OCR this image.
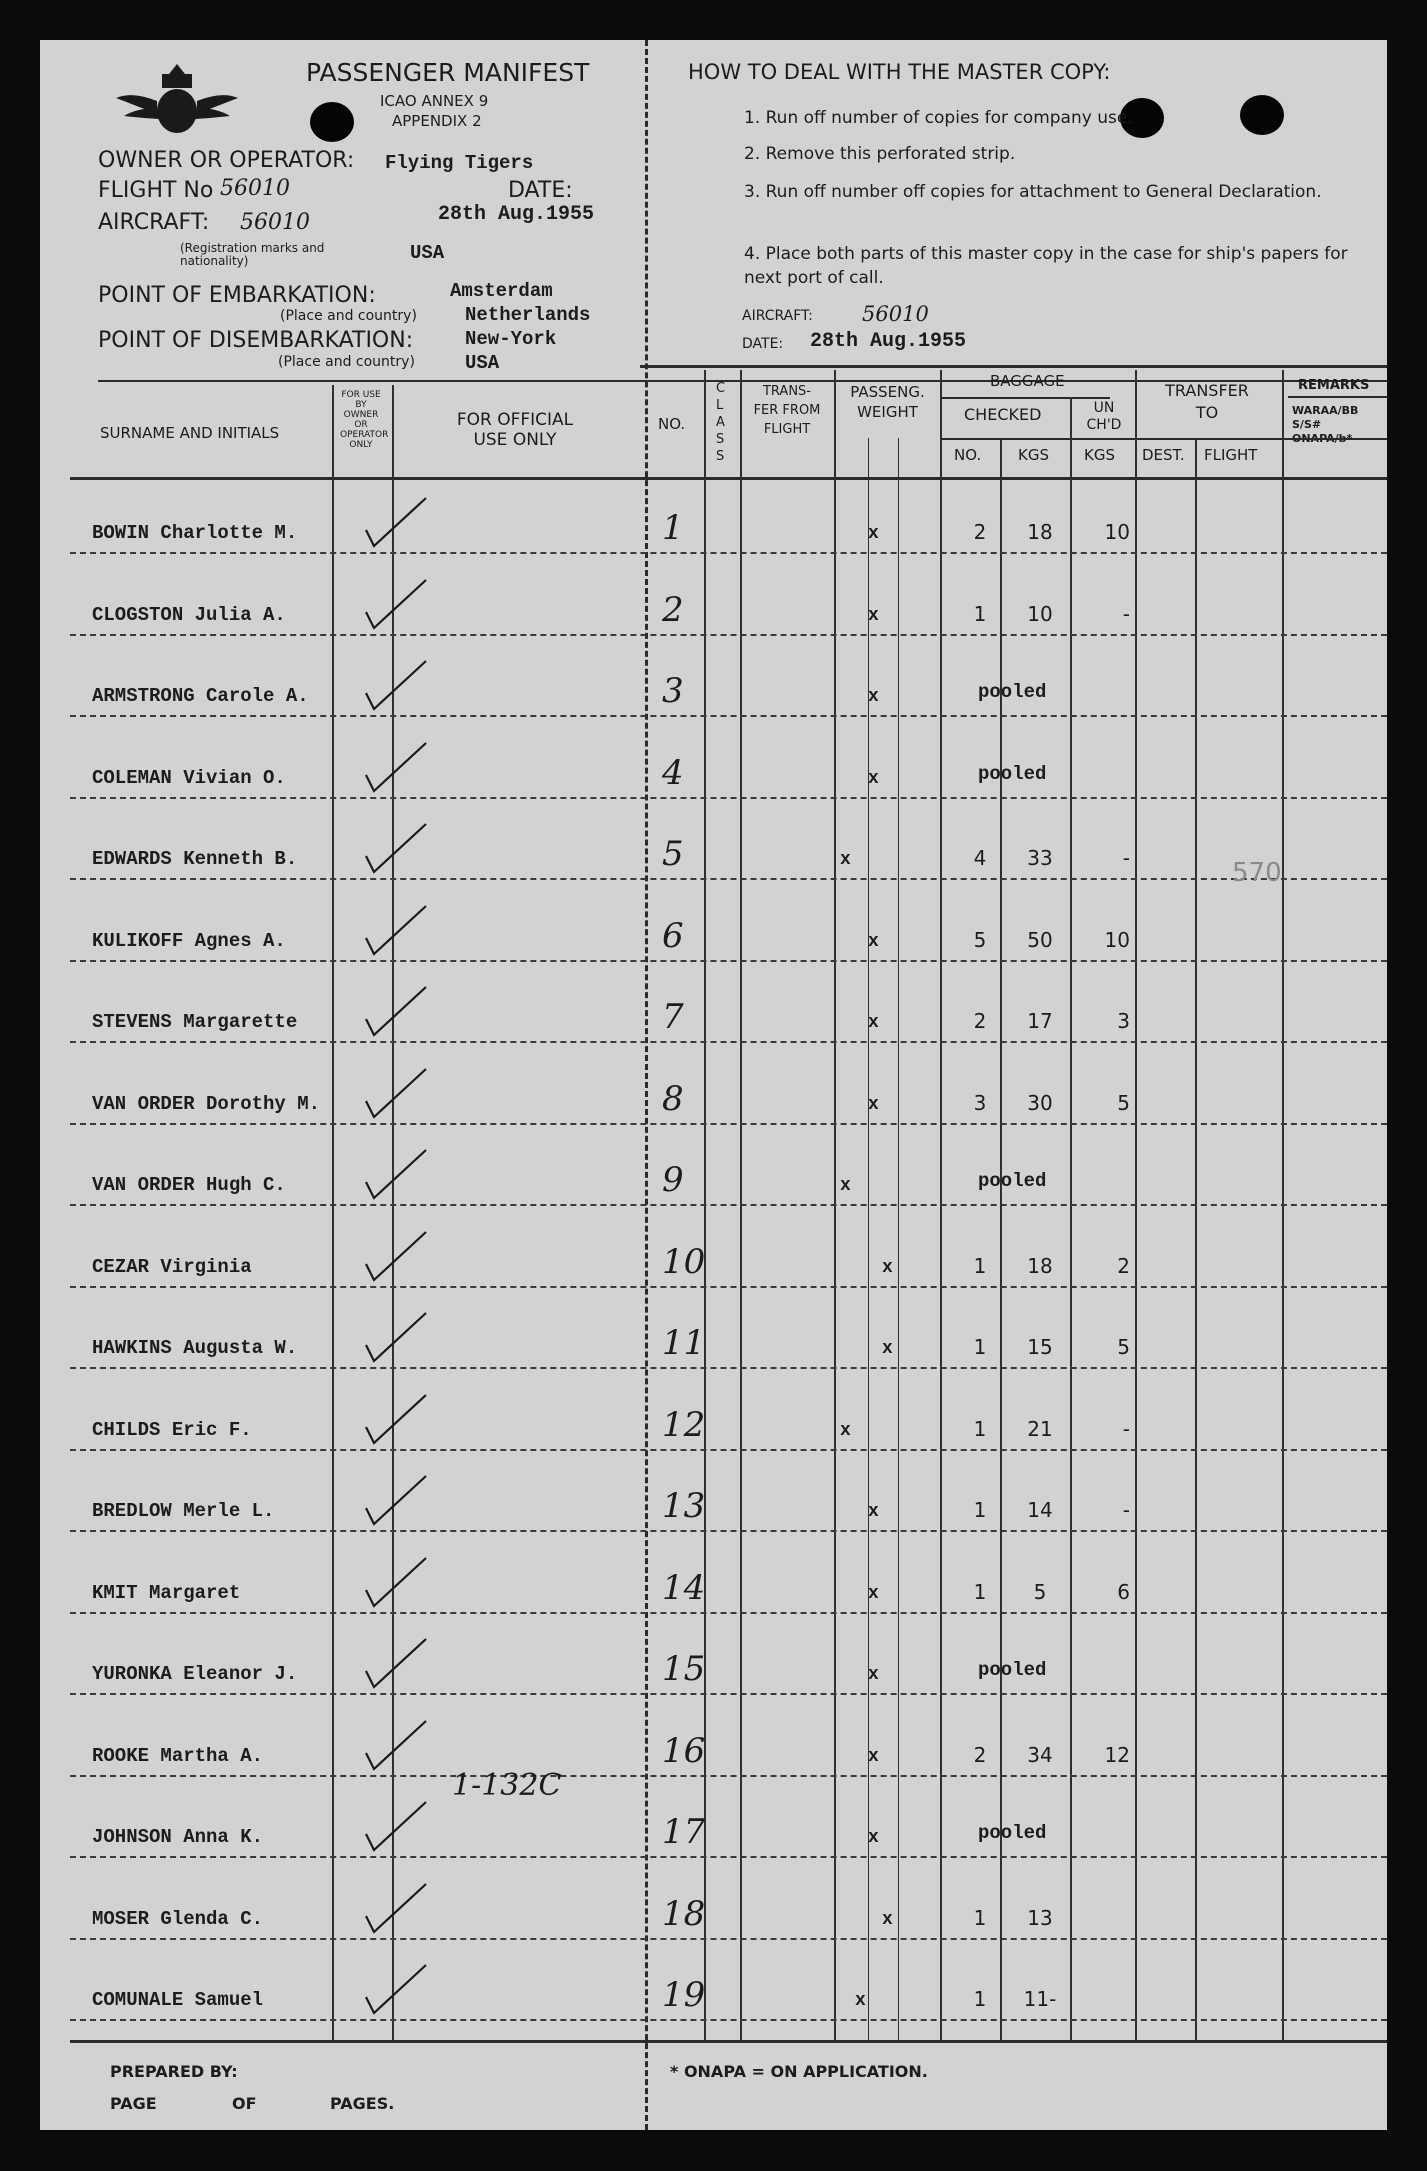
PASSENGER MANIFEST
ICAO ANNEX 9
APPENDIX 2
OWNER OR OPERATOR: Flying Tigers
FLIGHT No 56010	DATE:
28th Aug.1955
AIRCRAFT: 56010
(Registration marks and nationality)	USA
POINT OF EMBARKATION:	Amsterdam
(Place and country)	Netherlands
POINT OF DISEMBARKATION:	New-York
(Place and country)	USA
HOW TO DEAL WITH THE MASTER COPY:
1. Run off number of copies for company use.
2. Remove this perforated strip.
3. Run off number off copies for attachment to General Declaration.
4. Place both parts of this master copy in the case for ship's papers for next port of call.
AIRCRAFT: 56010
DATE: 28th Aug.1955
SURNAME AND INITIALS
FOR USE BY OWNER OR OPERATOR ONLY
FOR OFFICIAL USE ONLY
NO.
CLASS
TRANS-FER FROM FLIGHT
PASSENG. WEIGHT
BAGGAGE
CHECKED	UN CH'D
NO. KGS KGS
TRANSFER TO
DEST. FLIGHT
REMARKS
WARAA/BB S/S# ONAPA/b*
BOWIN Charlotte M.	1	x	2	18	10
CLOGSTON Julia A.	2	x	1	10	-
ARMSTRONG Carole A.	3	x	pooled
COLEMAN Vivian O.	4	x	pooled
EDWARDS Kenneth B.	5	x	4	33	-
KULIKOFF Agnes A.	6	x	5	50	10
STEVENS Margarette	7	x	2	17	3
VAN ORDER Dorothy M.	8	x	3	30	5
VAN ORDER Hugh C.	9	x	pooled
CEZAR Virginia	10	x	1	18	2
HAWKINS Augusta W.	11	x	1	15	5
CHILDS Eric F.	12	x	1	21	-
BREDLOW Merle L.	13	x	1	14	-
KMIT Margaret	14	x	1	5	6
YURONKA Eleanor J.	15	x	pooled
ROOKE Martha A.	16	x	2	34	12
JOHNSON Anna K.	17	x	pooled
MOSER Glenda C.	18	x	1	13
COMUNALE Samuel	19	x	1	11-
1-132C
570
PREPARED BY:
PAGE	OF	PAGES.
* ONAPA = ON APPLICATION.
